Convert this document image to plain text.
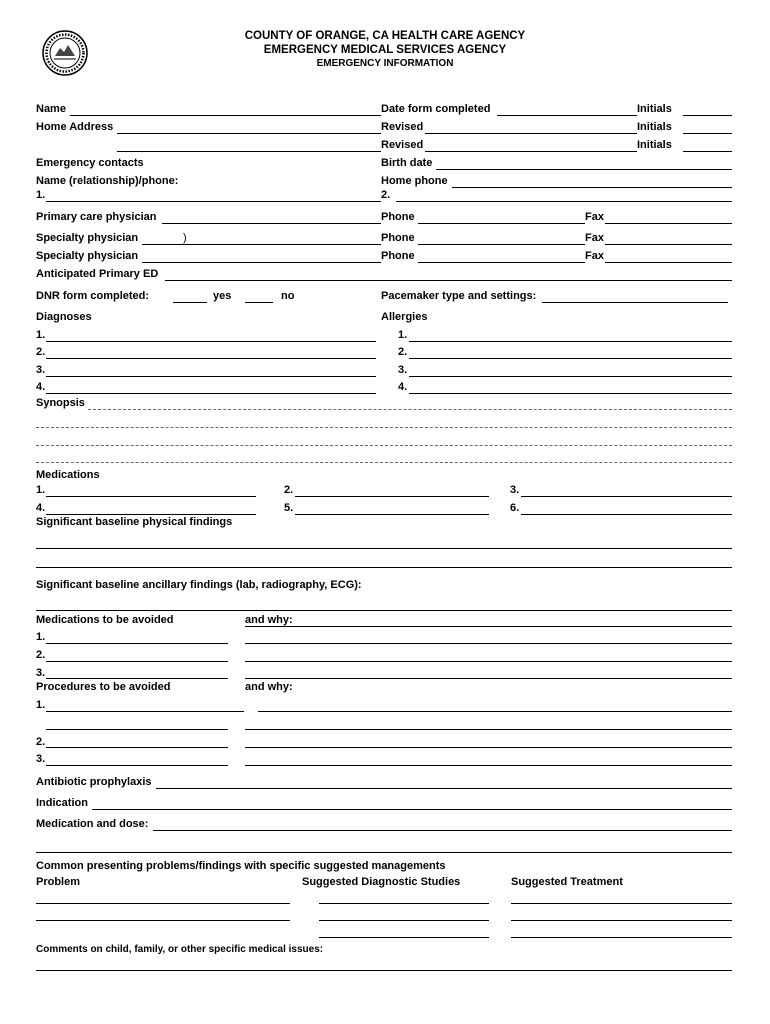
COUNTY OF ORANGE, CA HEALTH CARE AGENCY
EMERGENCY MEDICAL SERVICES AGENCY
EMERGENCY INFORMATION
Name	Date form completed	Initials
Home Address	Revised	Initials
Revised	Initials
Emergency contacts	Birth date
Name (relationship)/phone:	Home phone
1.	2.
Primary care physician	Phone	Fax
Specialty physician	)	Phone	Fax
Specialty physician	Phone	Fax
Anticipated Primary ED
DNR form completed:	yes	no	Pacemaker type and settings:
Diagnoses	Allergies
1.	1.
2.	2.
3.	3.
4.	4.
Synopsis
Medications
1.	2.	3.
4.	5.	6.
Significant baseline physical findings
Significant baseline ancillary findings (lab, radiography, ECG):
Medications to be avoided	and why:
1.
2.
3.
Procedures to be avoided	and why:
1.
2.
3.
Antibiotic prophylaxis
Indication
Medication and dose:
Common presenting problems/findings with specific suggested managements
Problem	Suggested Diagnostic Studies	Suggested Treatment
Comments on child, family, or other specific medical issues:
